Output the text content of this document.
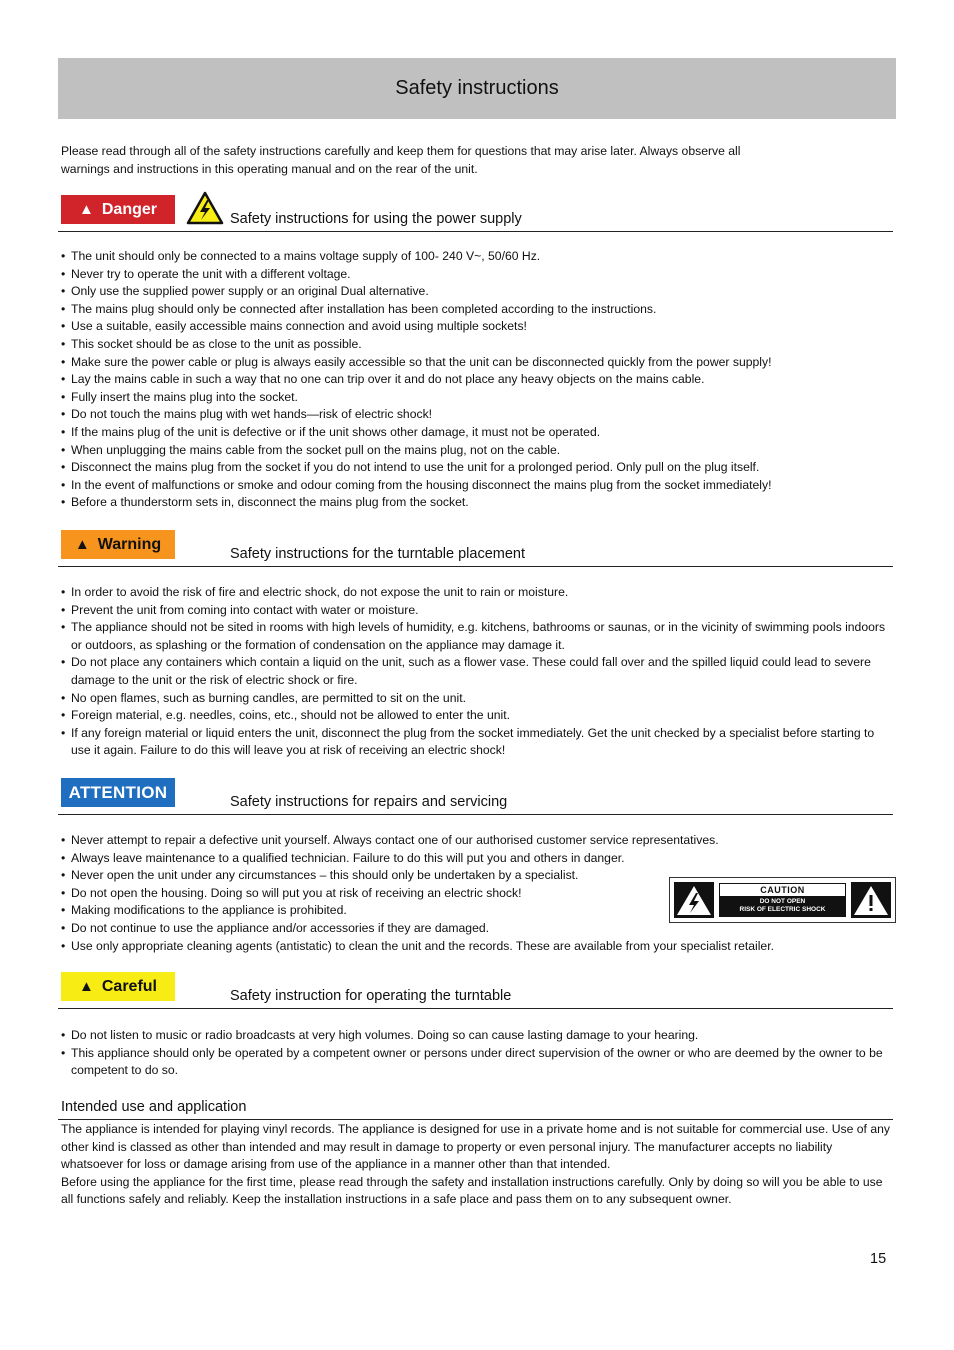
Safety instructions
Please read through all of the safety instructions carefully and keep them for questions that may arise later. Always observe all warnings and instructions in this operating manual and on the rear of the unit.
▲ Danger
Safety instructions for using the power supply
• The unit should only be connected to a mains voltage supply of 100- 240 V~, 50/60 Hz.
• Never try to operate the unit with a different voltage.
• Only use the supplied power supply or an original Dual alternative.
• The mains plug should only be connected after installation has been completed according to the instructions.
• Use a suitable, easily accessible mains connection and avoid using multiple sockets!
• This socket should be as close to the unit as possible.
• Make sure the power cable or plug is always easily accessible so that the unit can be disconnected quickly from the power supply!
• Lay the mains cable in such a way that no one can trip over it and do not place any heavy objects on the mains cable.
• Fully insert the mains plug into the socket.
• Do not touch the mains plug with wet hands—risk of electric shock!
• If the mains plug of the unit is defective or if the unit shows other damage, it must not be operated.
• When unplugging the mains cable from the socket pull on the mains plug, not on the cable.
• Disconnect the mains plug from the socket if you do not intend to use the unit for a prolonged period. Only pull on the plug itself.
• In the event of malfunctions or smoke and odour coming from the housing disconnect the mains plug from the socket immediately!
• Before a thunderstorm sets in, disconnect the mains plug from the socket.
▲ Warning
Safety instructions for the turntable placement
• In order to avoid the risk of fire and electric shock, do not expose the unit to rain or moisture.
• Prevent the unit from coming into contact with water or moisture.
• The appliance should not be sited in rooms with high levels of humidity, e.g. kitchens, bathrooms or saunas, or in the vicinity of swimming pools indoors or outdoors, as splashing or the formation of condensation on the appliance may damage it.
• Do not place any containers which contain a liquid on the unit, such as a flower vase. These could fall over and the spilled liquid could lead to severe damage to the unit or the risk of electric shock or fire.
• No open flames, such as burning candles, are permitted to sit on the unit.
• Foreign material, e.g. needles, coins, etc., should not be allowed to enter the unit.
• If any foreign material or liquid enters the unit, disconnect the plug from the socket immediately. Get the unit checked by a specialist before starting to use it again. Failure to do this will leave you at risk of receiving an electric shock!
ATTENTION
Safety instructions for repairs and servicing
• Never attempt to repair a defective unit yourself. Always contact one of our authorised customer service representatives.
• Always leave maintenance to a qualified technician. Failure to do this will put you and others in danger.
• Never open the unit under any circumstances – this should only be undertaken by a specialist.
• Do not open the housing. Doing so will put you at risk of receiving an electric shock!
• Making modifications to the appliance is prohibited.
• Do not continue to use the appliance and/or accessories if they are damaged.
• Use only appropriate cleaning agents (antistatic) to clean the unit and the records. These are available from your specialist retailer.
CAUTION
DO NOT OPEN
RISK OF ELECTRIC SHOCK
▲ Careful
Safety instruction for operating the turntable
• Do not listen to music or radio broadcasts at very high volumes. Doing so can cause lasting damage to your hearing.
• This appliance should only be operated by a competent owner or persons under direct supervision of the owner or who are deemed by the owner to be competent to do so.
Intended use and application

The appliance is intended for playing vinyl records. The appliance is designed for use in a private home and is not suitable for commercial use. Use of any other kind is classed as other than intended and may result in damage to property or even personal injury. The manufacturer accepts no liability whatsoever for loss or damage arising from use of the appliance in a manner other than that intended.

Before using the appliance for the first time, please read through the safety and installation instructions carefully. Only by doing so will you be able to use all functions safely and reliably. Keep the installation instructions in a safe place and pass them on to any subsequent owner.

15
